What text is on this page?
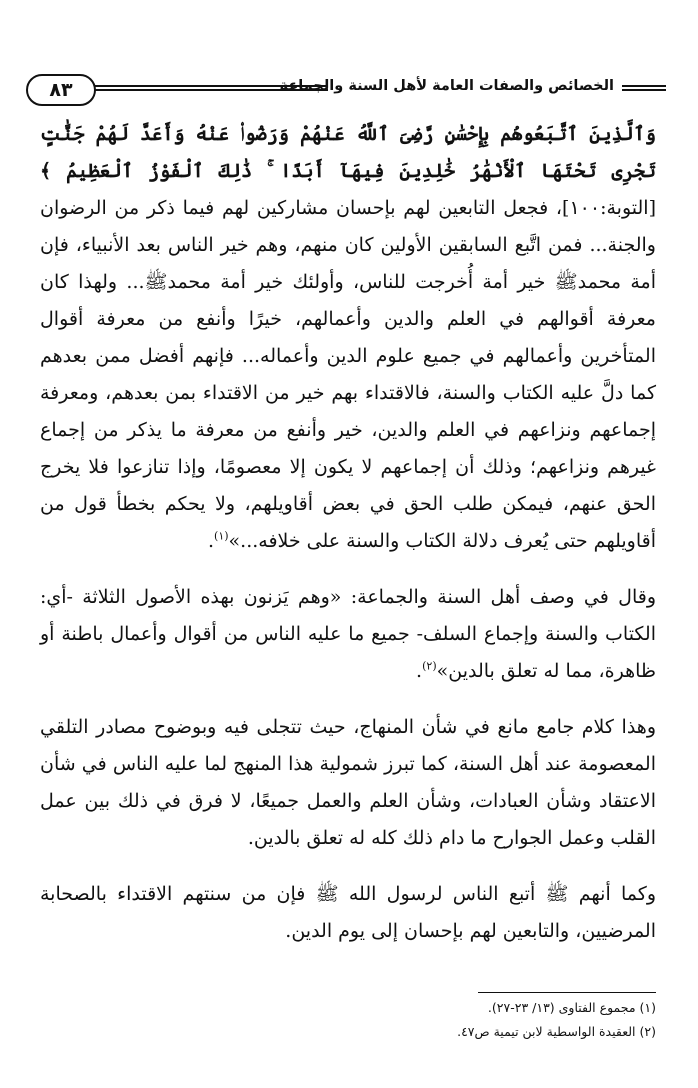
الخصائص والصفات العامة لأهل السنة والجماعة
٨٣

وَٱلَّذِينَ ٱتَّبَعُوهُم بِإِحْسَٰنٍ رَّضِىَ ٱللَّهُ عَنْهُمْ وَرَضُوا۟ عَنْهُ وَأَعَدَّ لَهُمْ جَنَّٰتٍ تَجْرِى تَحْتَهَا ٱلْأَنْهَٰرُ خَٰلِدِينَ فِيهَآ أَبَدًا ۚ ذَٰلِكَ ٱلْفَوْزُ ٱلْعَظِيمُ ﴾[التوبة:١٠٠]، فجعل التابعين لهم بإحسان مشاركين لهم فيما ذكر من الرضوان والجنة... فمن اتَّبع السابقين الأولين كان منهم، وهم خير الناس بعد الأنبياء، فإن أمة محمدﷺ خير أمة أُخرجت للناس، وأولئك خير أمة محمدﷺ... ولهذا كان معرفة أقوالهم في العلم والدين وأعمالهم، خيرًا وأنفع من معرفة أقوال المتأخرين وأعمالهم في جميع علوم الدين وأعماله... فإنهم أفضل ممن بعدهم كما دلَّ عليه الكتاب والسنة، فالاقتداء بهم خير من الاقتداء بمن بعدهم، ومعرفة إجماعهم ونزاعهم في العلم والدين، خير وأنفع من معرفة ما يذكر من إجماع غيرهم ونزاعهم؛ وذلك أن إجماعهم لا يكون إلا معصومًا، وإذا تنازعوا فلا يخرج الحق عنهم، فيمكن طلب الحق في بعض أقاويلهم، ولا يحكم بخطأ قول من أقاويلهم حتى يُعرف دلالة الكتاب والسنة على خلافه...»$^{(١)}$.

وقال في وصف أهل السنة والجماعة: «وهم يَزنون بهذه الأصول الثلاثة -أي: الكتاب والسنة وإجماع السلف- جميع ما عليه الناس من أقوال وأعمال باطنة أو ظاهرة، مما له تعلق بالدين»$^{(٢)}$.

وهذا كلام جامع مانع في شأن المنهاج، حيث تتجلى فيه وبوضوح مصادر التلقي المعصومة عند أهل السنة، كما تبرز شمولية هذا المنهج لما عليه الناس في شأن الاعتقاد وشأن العبادات، وشأن العلم والعمل جميعًا، لا فرق في ذلك بين عمل القلب وعمل الجوارح ما دام ذلك كله له تعلق بالدين.

وكما أنهم ﷺ أتبع الناس لرسول الله ﷺ فإن من سنتهم الاقتداء بالصحابة المرضيين، والتابعين لهم بإحسان إلى يوم الدين.

(١) مجموع الفتاوى (١٣/ ٢٣-٢٧).
(٢) العقيدة الواسطية لابن تيمية ص٤٧.
